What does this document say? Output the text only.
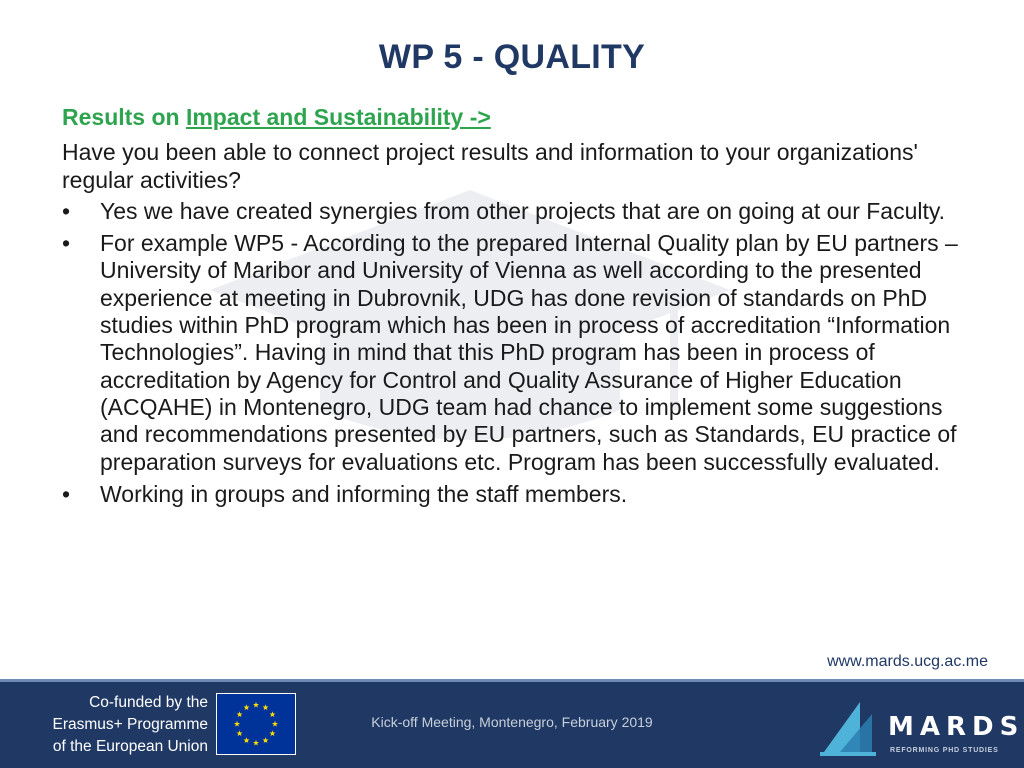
WP 5 - QUALITY
Results on Impact and Sustainability ->
Have you been able to connect project results and information to your organizations' regular activities?
• Yes we have created synergies from other projects that are on going at our Faculty.
• For example WP5 - According to the prepared Internal Quality plan by EU partners – University of Maribor and University of Vienna as well according to the presented experience at meeting in Dubrovnik, UDG has done revision of standards on PhD studies within PhD program which has been in process of accreditation “Information Technologies”. Having in mind that this PhD program has been in process of accreditation by Agency for Control and Quality Assurance of Higher Education (ACQAHE) in Montenegro, UDG team had chance to implement some suggestions and recommendations presented by EU partners, such as Standards, EU practice of preparation surveys for evaluations etc. Program has been successfully evaluated.
• Working in groups and informing the staff members.
www.mards.ucg.ac.me
Co-funded by the
Erasmus+ Programme
of the European Union
Kick-off Meeting, Montenegro, February 2019	MARDS
REFORMING PHD STUDIES
